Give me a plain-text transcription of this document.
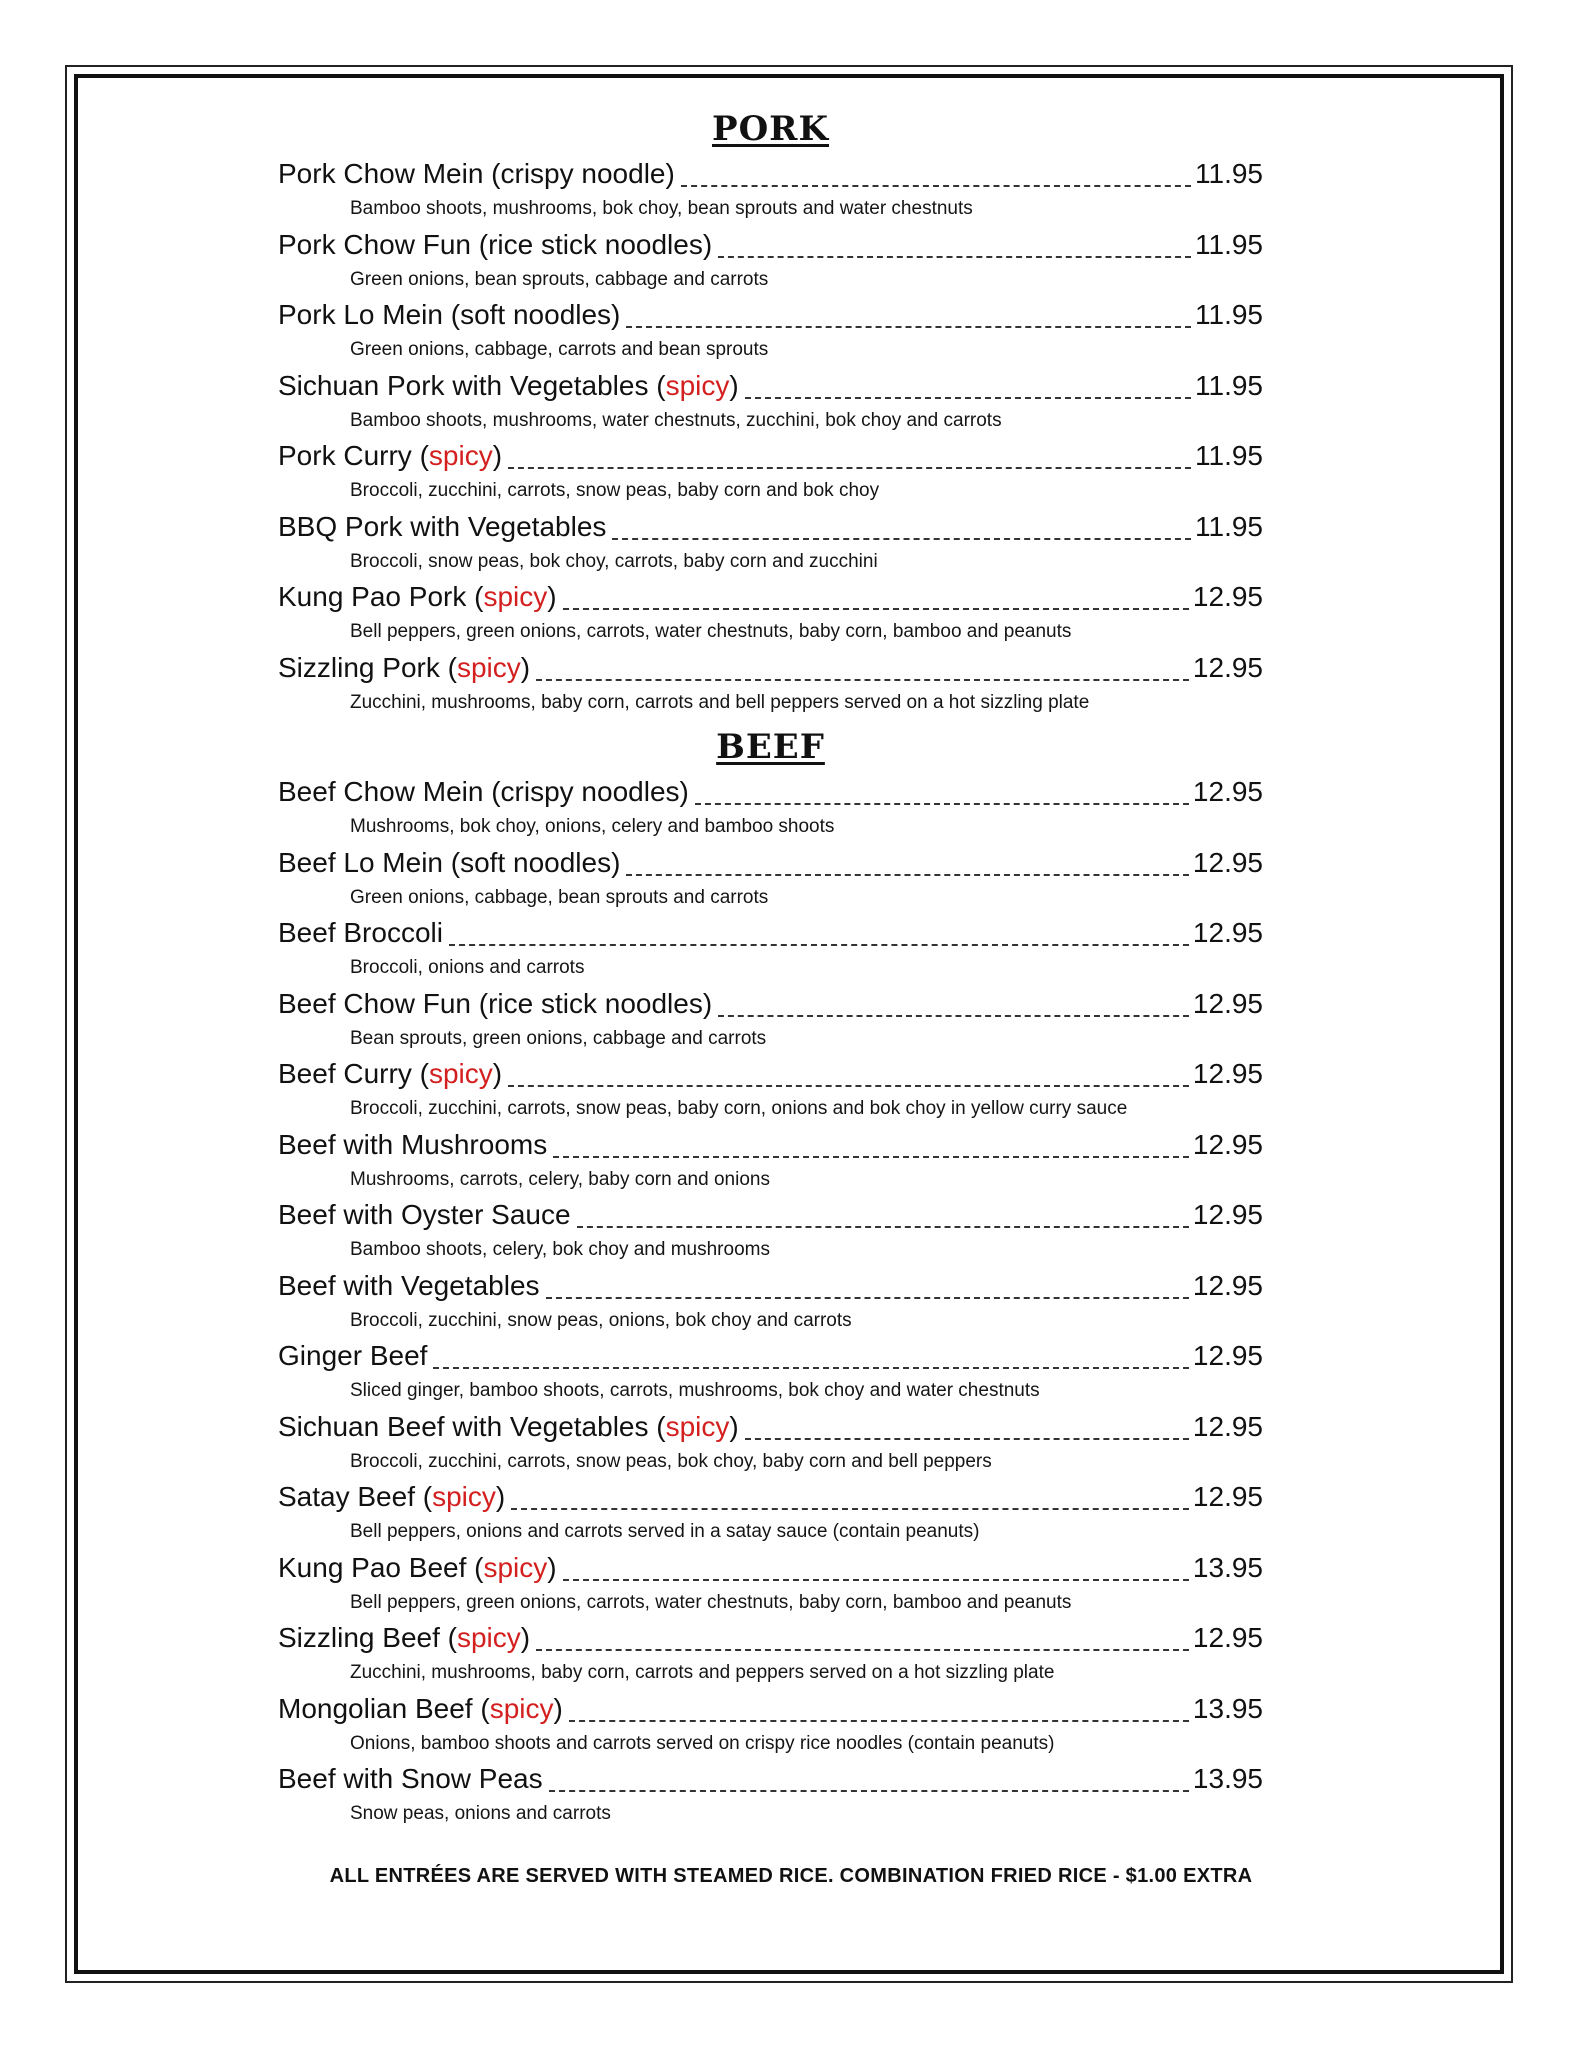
PORK
Pork Chow Mein (crispy noodle)	11.95
Bamboo shoots, mushrooms, bok choy, bean sprouts and water chestnuts
Pork Chow Fun (rice stick noodles)	11.95
Green onions, bean sprouts, cabbage and carrots
Pork Lo Mein (soft noodles)	11.95
Green onions, cabbage, carrots and bean sprouts
Sichuan Pork with Vegetables (spicy)	11.95
Bamboo shoots, mushrooms, water chestnuts, zucchini, bok choy and carrots
Pork Curry (spicy)	11.95
Broccoli, zucchini, carrots, snow peas, baby corn and bok choy
BBQ Pork with Vegetables	11.95
Broccoli, snow peas, bok choy, carrots, baby corn and zucchini
Kung Pao Pork (spicy)	12.95
Bell peppers, green onions, carrots, water chestnuts, baby corn, bamboo and peanuts
Sizzling Pork (spicy)	12.95
Zucchini, mushrooms, baby corn, carrots and bell peppers served on a hot sizzling plate
BEEF
Beef Chow Mein (crispy noodles)	12.95
Mushrooms, bok choy, onions, celery and bamboo shoots
Beef Lo Mein (soft noodles)	12.95
Green onions, cabbage, bean sprouts and carrots
Beef Broccoli	12.95
Broccoli, onions and carrots
Beef Chow Fun (rice stick noodles)	12.95
Bean sprouts, green onions, cabbage and carrots
Beef Curry (spicy)	12.95
Broccoli, zucchini, carrots, snow peas, baby corn, onions and bok choy in yellow curry sauce
Beef with Mushrooms	12.95
Mushrooms, carrots, celery, baby corn and onions
Beef with Oyster Sauce	12.95
Bamboo shoots, celery, bok choy and mushrooms
Beef with Vegetables	12.95
Broccoli, zucchini, snow peas, onions, bok choy and carrots
Ginger Beef	12.95
Sliced ginger, bamboo shoots, carrots, mushrooms, bok choy and water chestnuts
Sichuan Beef with Vegetables (spicy)	12.95
Broccoli, zucchini, carrots, snow peas, bok choy, baby corn and bell peppers
Satay Beef (spicy)	12.95
Bell peppers, onions and carrots served in a satay sauce (contain peanuts)
Kung Pao Beef (spicy)	13.95
Bell peppers, green onions, carrots, water chestnuts, baby corn, bamboo and peanuts
Sizzling Beef (spicy)	12.95
Zucchini, mushrooms, baby corn, carrots and peppers served on a hot sizzling plate
Mongolian Beef (spicy)	13.95
Onions, bamboo shoots and carrots served on crispy rice noodles (contain peanuts)
Beef with Snow Peas	13.95
Snow peas, onions and carrots
ALL ENTRÉES ARE SERVED WITH STEAMED RICE. COMBINATION FRIED RICE - $1.00 EXTRA
